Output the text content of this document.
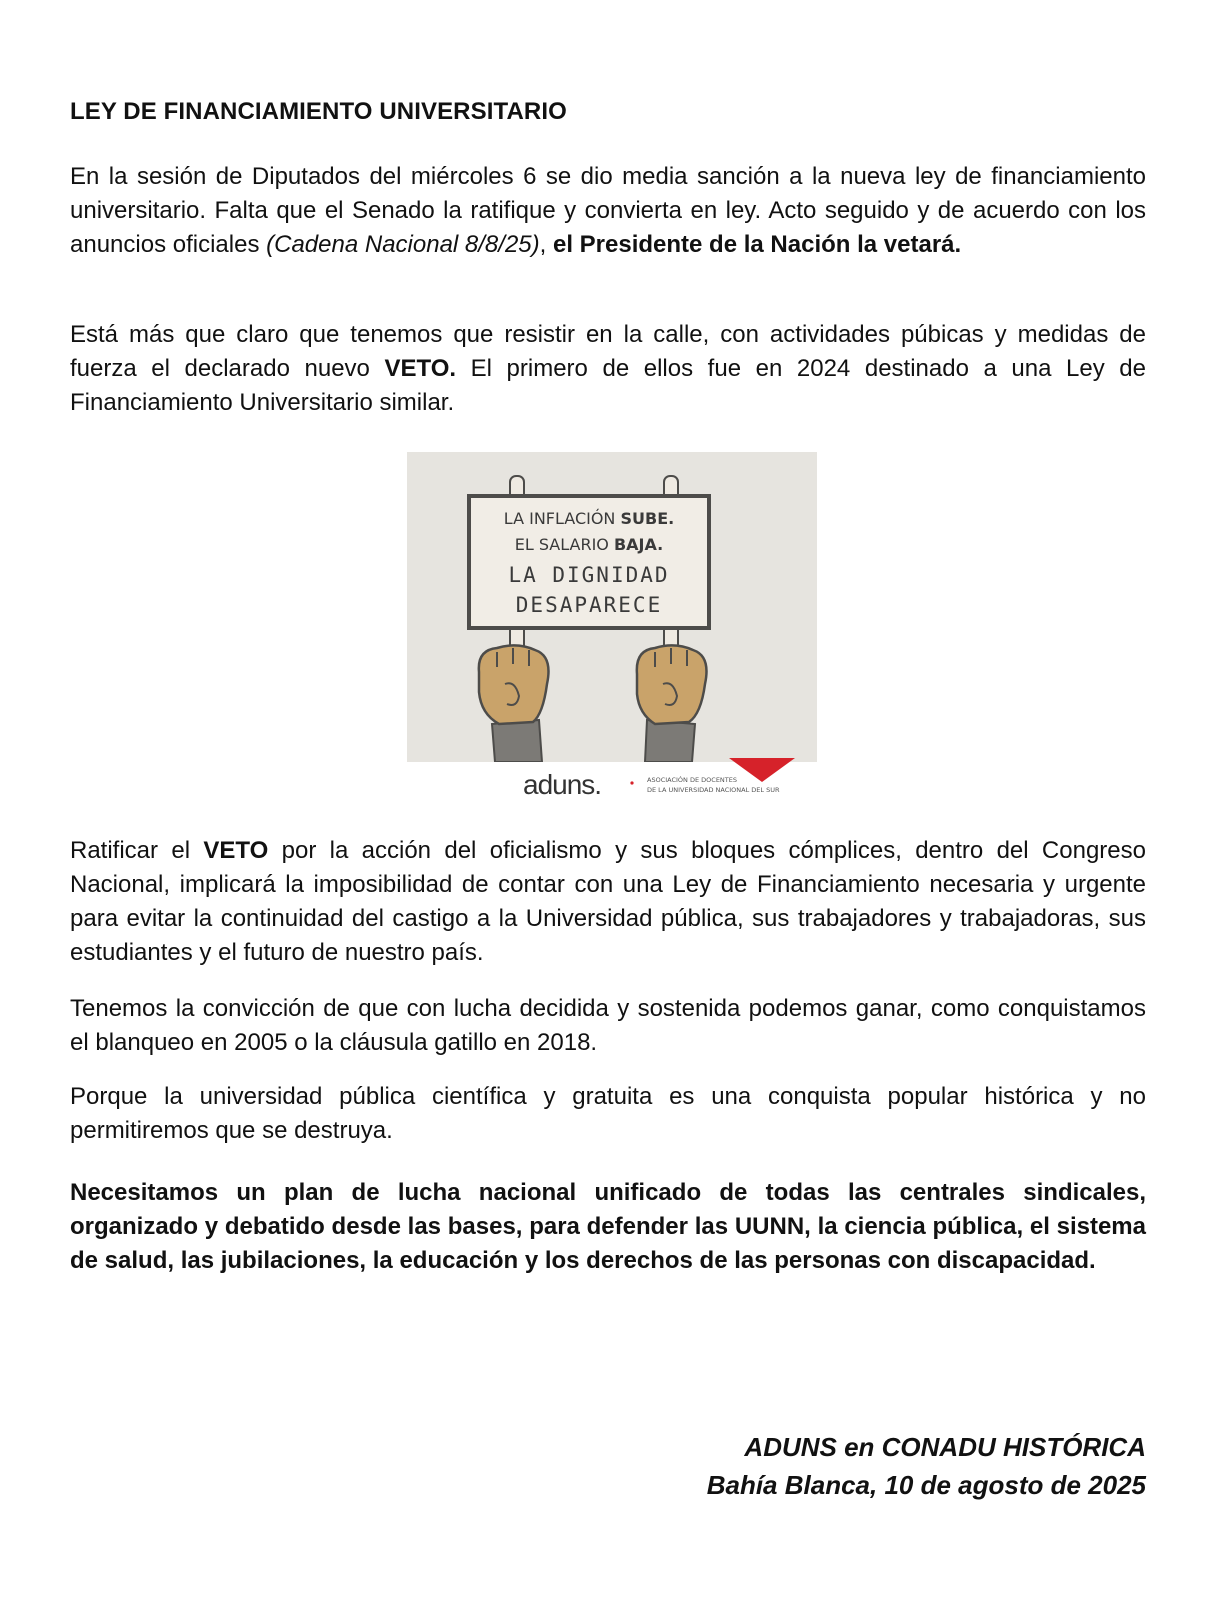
LEY DE FINANCIAMIENTO UNIVERSITARIO

En la sesión de Diputados del miércoles 6 se dio media sanción a la nueva ley de financiamiento universitario. Falta que el Senado la ratifique y convierta en ley. Acto seguido y de acuerdo con los anuncios oficiales (Cadena Nacional 8/8/25), el Presidente de la Nación la vetará.

Está más que claro que tenemos que resistir en la calle, con actividades púbicas y medidas de fuerza el declarado nuevo VETO. El primero de ellos fue en 2024 destinado a una Ley de Financiamiento Universitario similar.

Ratificar el VETO por la acción del oficialismo y sus bloques cómplices, dentro del Congreso Nacional, implicará la imposibilidad de contar con una Ley de Financiamiento necesaria y urgente para evitar la continuidad del castigo a la Universidad pública, sus trabajadores y trabajadoras, sus estudiantes y el futuro de nuestro país.

Tenemos la convicción de que con lucha decidida y sostenida podemos ganar, como conquistamos el blanqueo en 2005 o la cláusula gatillo en 2018.

Porque la universidad pública científica y gratuita es una conquista popular histórica y no permitiremos que se destruya.

Necesitamos un plan de lucha nacional unificado de todas las centrales sindicales, organizado y debatido desde las bases, para defender las UUNN, la ciencia pública, el sistema de salud, las jubilaciones, la educación y los derechos de las personas con discapacidad.

LA INFLACIÓN SUBE.
EL SALARIO BAJA.
LA DIGNIDAD
DESAPARECE
aduns.	ASOCIACIÓN DE DOCENTES
DE LA UNIVERSIDAD NACIONAL DEL SUR
ADUNS en CONADU HISTÓRICA
Bahía Blanca, 10 de agosto de 2025
